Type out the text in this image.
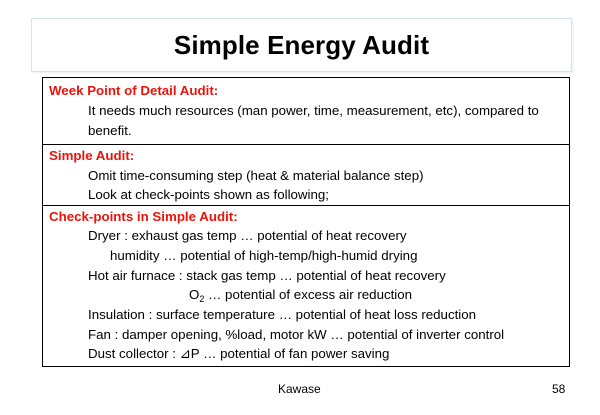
Simple Energy Audit
Week Point of Detail Audit:
It needs much resources (man power, time, measurement, etc), compared to
benefit.
Simple Audit:
Omit time-consuming step (heat & material balance step)
Look at check-points shown as following;
Check-points in Simple Audit:
Dryer : exhaust gas temp … potential of heat recovery
humidity … potential of high-temp/high-humid drying
Hot air furnace : stack gas temp … potential of heat recovery
$O_2$ … potential of excess air reduction
Insulation : surface temperature … potential of heat loss reduction
Fan : damper opening, %load, motor kW … potential of inverter control
Dust collector : ⊿P … potential of fan power saving
Kawase	58
